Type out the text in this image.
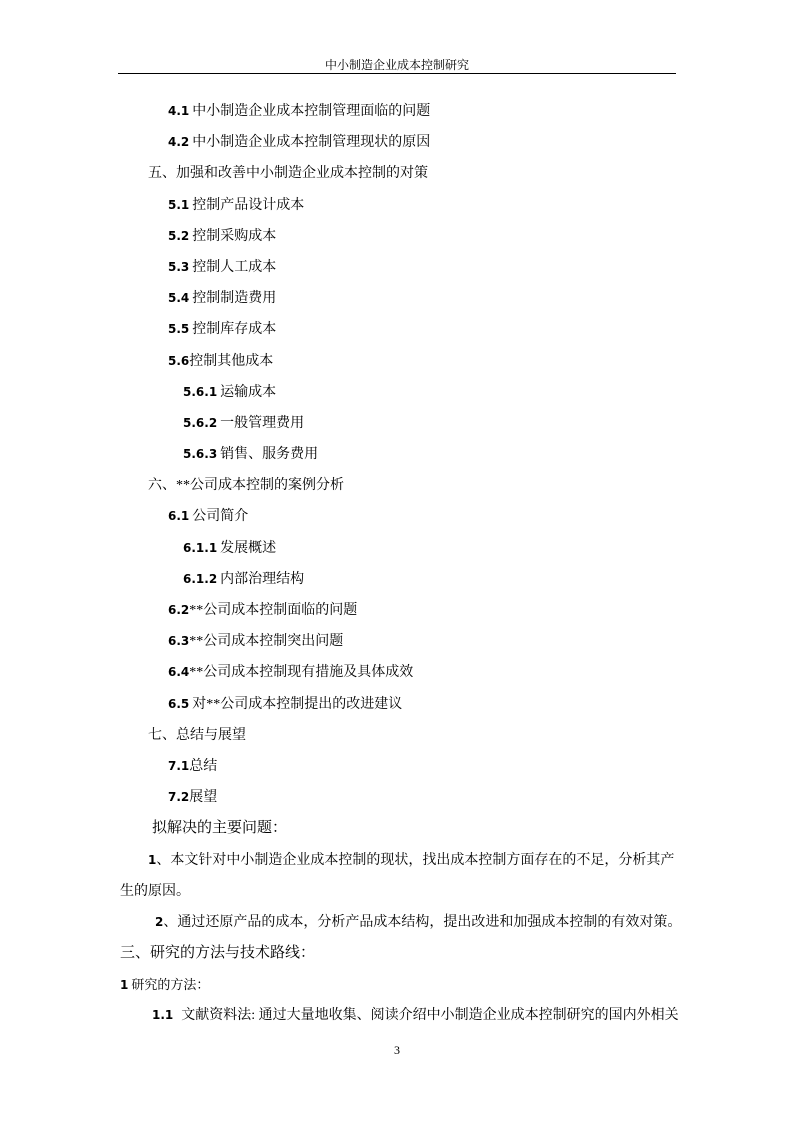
中小制造企业成本控制研究
4.1 中小制造企业成本控制管理面临的问题
4.2 中小制造企业成本控制管理现状的原因
五、加强和改善中小制造企业成本控制的对策
5.1 控制产品设计成本
5.2 控制采购成本
5.3 控制人工成本
5.4 控制制造费用
5.5 控制库存成本
5.6控制其他成本
5.6.1 运输成本
5.6.2 一般管理费用
5.6.3 销售、服务费用
六、**公司成本控制的案例分析
6.1 公司简介
6.1.1 发展概述
6.1.2 内部治理结构
6.2**公司成本控制面临的问题
6.3**公司成本控制突出问题
6.4**公司成本控制现有措施及具体成效
6.5 对**公司成本控制提出的改进建议
七、总结与展望
7.1总结
7.2展望
拟解决的主要问题：
1、本文针对中小制造企业成本控制的现状，找出成本控制方面存在的不足，分析其产
生的原因。
2、通过还原产品的成本，分析产品成本结构，提出改进和加强成本控制的有效对策。
三、研究的方法与技术路线：
1 研究的方法：
1.1 文献资料法: 通过大量地收集、阅读介绍中小制造企业成本控制研究的国内外相关
3
